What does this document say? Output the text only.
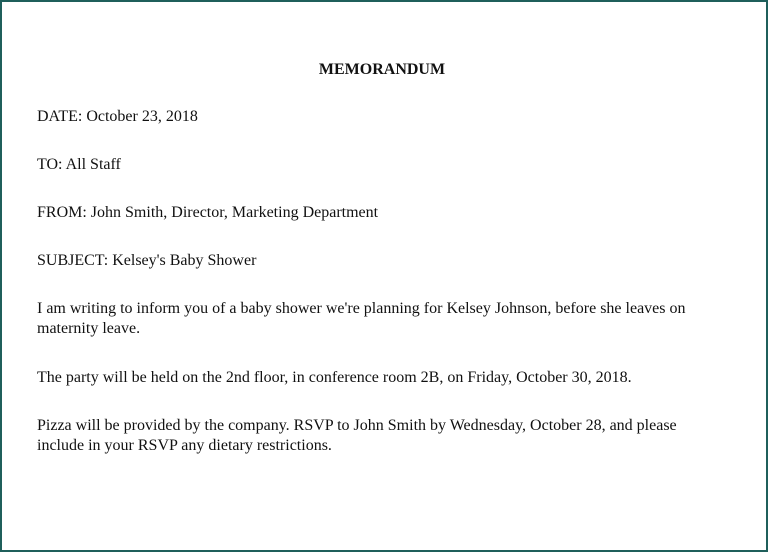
MEMORANDUM
DATE: October 23, 2018
TO: All Staff
FROM: John Smith, Director, Marketing Department
SUBJECT: Kelsey's Baby Shower
I am writing to inform you of a baby shower we're planning for Kelsey Johnson, before she leaves on maternity leave.
The party will be held on the 2nd floor, in conference room 2B, on Friday, October 30, 2018.
Pizza will be provided by the company. RSVP to John Smith by Wednesday, October 28, and please include in your RSVP any dietary restrictions.
